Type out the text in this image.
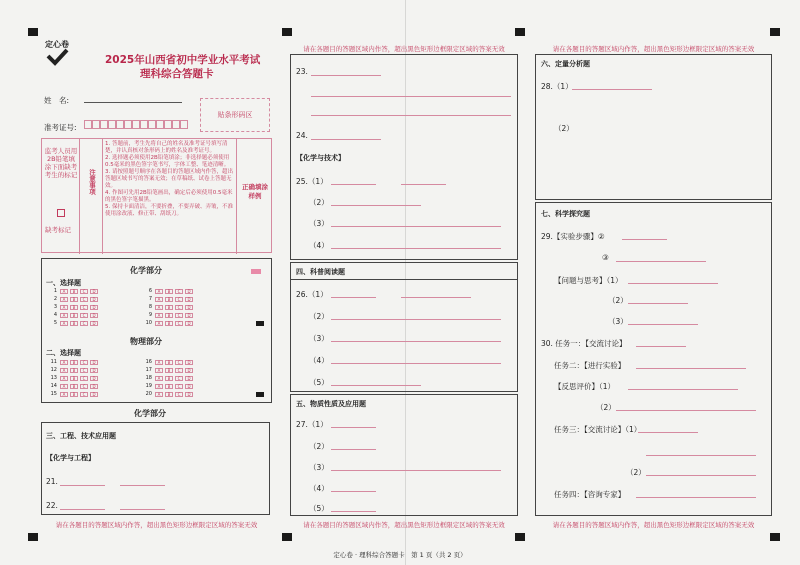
定心卷
2025年山西省初中学业水平考试
理科综合答题卡
姓　名:
准考证号:
贴条形码区
监考人员用2B铅笔填涂下面缺考考生的标记
缺考标记
注意事项
1. 答题前，考生先将自己的姓名及准考证号填写清楚，并认真核对条形码上的姓名及准考证号。
2. 选择题必须使用2B铅笔填涂；非选择题必须使用0.5毫米的黑色签字笔书写，字体工整、笔迹清晰。
3. 请按照题号顺序在各题目的答题区域内作答，超出答题区域书写的答案无效；在草稿纸、试卷上答题无效。
4. 作图可先用2B铅笔画出，确定后必须使用0.5毫米的黑色签字笔描黑。
5. 保持卡面清洁，不要折叠，不要弄破、弄皱，不准使用涂改液、修正带、刮纸刀。
正确填涂样例
化学部分
一、选择题
1	A	B	C	D	6	A	B	C	D
2	A	B	C	D	7	A	B	C	D
3	A	B	C	D	8	A	B	C	D
4	A	B	C	D	9	A	B	C	D
5	A	B	C	D	10	A	B	C	D
物理部分
二、选择题
11	A	B	C	D	16	A	B	C	D
12	A	B	C	D	17	A	B	C	D
13	A	B	C	D	18	A	B	C	D
14	A	B	C	D	19	A	B	C	D
15	A	B	C	D	20	A	B	C	D
化学部分
三、工程、技术应用题
【化学与工程】
21.
22.
请在各题目的答题区域内作答，超出黑色矩形边框限定区域的答案无效
请在各题目的答题区域内作答，超出黑色矩形边框限定区域的答案无效
23.
24.
【化学与技术】
25.（1）
（2）
（3）
（4）
四、科普阅读题
26.（1）
（2）
（3）
（4）
（5）
五、物质性质及应用题
27.（1）
（2）
（3）
（4）
（5）
请在各题目的答题区域内作答，超出黑色矩形边框限定区域的答案无效
请在各题目的答题区域内作答，超出黑色矩形边框限定区域的答案无效
六、定量分析题
28.（1）
（2）
七、科学探究题
29.【实验步骤】②
③
【问题与思考】（1）
（2）
（3）
30. 任务一：【交流讨论】
任务二：【进行实验】
【反思评价】（1）
（2）
任务三：【交流讨论】（1）
（2）
任务四：【咨询专家】
请在各题目的答题区域内作答，超出黑色矩形边框限定区域的答案无效
定心卷 · 理科综合答题卡　第 1 页（共 2 页）
